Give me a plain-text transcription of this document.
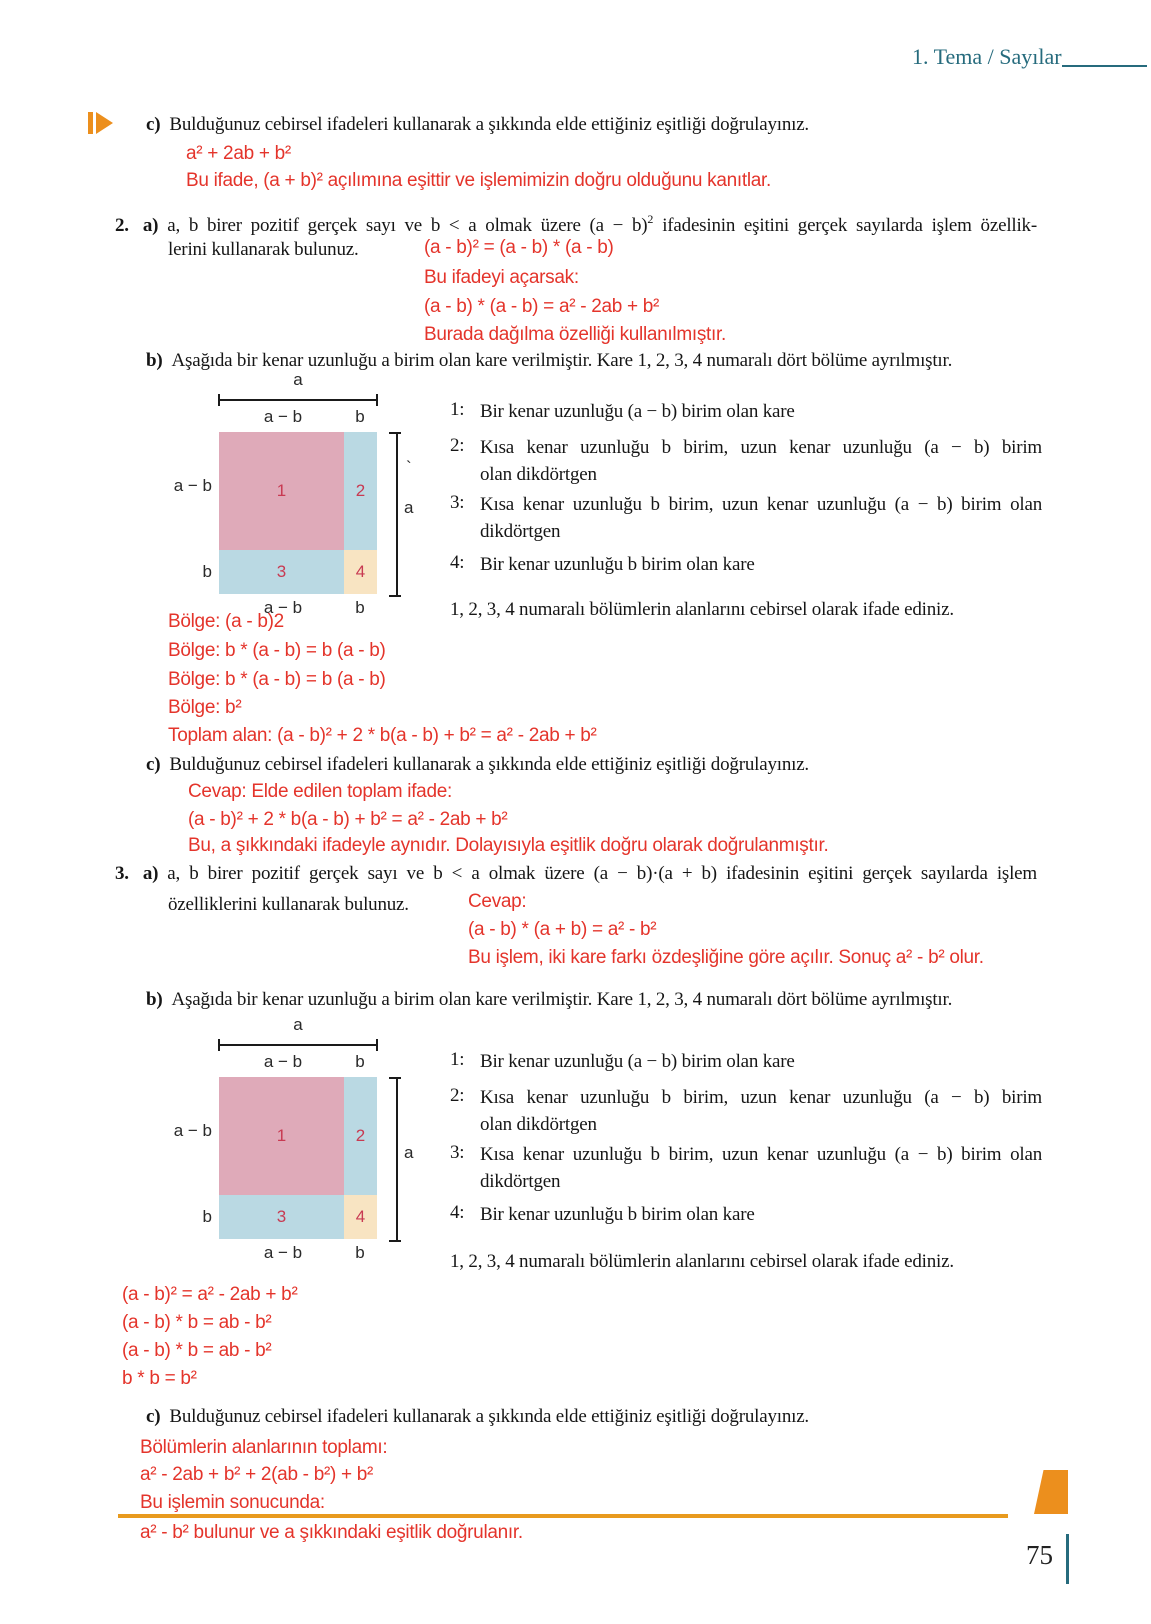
1. Tema / Sayılar
c) Bulduğunuz cebirsel ifadeleri kullanarak a şıkkında elde ettiğiniz eşitliği doğrulayınız.
a² + 2ab + b²
Bu ifade, (a + b)² açılımına eşittir ve işlemimizin doğru olduğunu kanıtlar.
2. a) a, b birer pozitif gerçek sayı ve b < a olmak üzere $(a - b)^2$ ifadesinin eşitini gerçek sayılarda işlem özellik-
lerini kullanarak bulunuz.	(a - b)² = (a - b) * (a - b)
Bu ifadeyi açarsak:
(a - b) * (a - b) = a² - 2ab + b²
Burada dağılma özelliği kullanılmıştır.
b) Aşağıda bir kenar uzunluğu a birim olan kare verilmiştir. Kare 1, 2, 3, 4 numaralı dört bölüme ayrılmıştır.
a
a − b	b
1	2
3	4
a − b
b
a
`
a − b	b
1: Bir kenar uzunluğu (a − b) birim olan kare
2: Kısa kenar uzunluğu b birim, uzun kenar uzunluğu (a − b) birim
olan dikdörtgen
3: Kısa kenar uzunluğu b birim, uzun kenar uzunluğu (a − b) birim olan
dikdörtgen
4: Bir kenar uzunluğu b birim olan kare
1, 2, 3, 4 numaralı bölümlerin alanlarını cebirsel olarak ifade ediniz.
Bölge: (a - b)2
Bölge: b * (a - b) = b (a - b)
Bölge: b * (a - b) = b (a - b)
Bölge: b²
Toplam alan: (a - b)² + 2 * b(a - b) + b² = a² - 2ab + b²
c) Bulduğunuz cebirsel ifadeleri kullanarak a şıkkında elde ettiğiniz eşitliği doğrulayınız.
Cevap: Elde edilen toplam ifade:
(a - b)² + 2 * b(a - b) + b² = a² - 2ab + b²
Bu, a şıkkındaki ifadeyle aynıdır. Dolayısıyla eşitlik doğru olarak doğrulanmıştır.
3. a) a, b birer pozitif gerçek sayı ve b < a olmak üzere (a − b)·(a + b) ifadesinin eşitini gerçek sayılarda işlem
özelliklerini kullanarak bulunuz.	Cevap:
(a - b) * (a + b) = a² - b²
Bu işlem, iki kare farkı özdeşliğine göre açılır. Sonuç a² - b² olur.
b) Aşağıda bir kenar uzunluğu a birim olan kare verilmiştir. Kare 1, 2, 3, 4 numaralı dört bölüme ayrılmıştır.
a
a − b	b
1	2
3	4
a − b
b
a
a − b	b
1: Bir kenar uzunluğu (a − b) birim olan kare
2: Kısa kenar uzunluğu b birim, uzun kenar uzunluğu (a − b) birim
olan dikdörtgen
3: Kısa kenar uzunluğu b birim, uzun kenar uzunluğu (a − b) birim olan
dikdörtgen
4: Bir kenar uzunluğu b birim olan kare
1, 2, 3, 4 numaralı bölümlerin alanlarını cebirsel olarak ifade ediniz.
(a - b)² = a² - 2ab + b²
(a - b) * b = ab - b²
(a - b) * b = ab - b²
b * b = b²
c) Bulduğunuz cebirsel ifadeleri kullanarak a şıkkında elde ettiğiniz eşitliği doğrulayınız.
Bölümlerin alanlarının toplamı:
a² - 2ab + b² + 2(ab - b²) + b²
Bu işlemin sonucunda:
a² - b² bulunur ve a şıkkındaki eşitlik doğrulanır.
75
